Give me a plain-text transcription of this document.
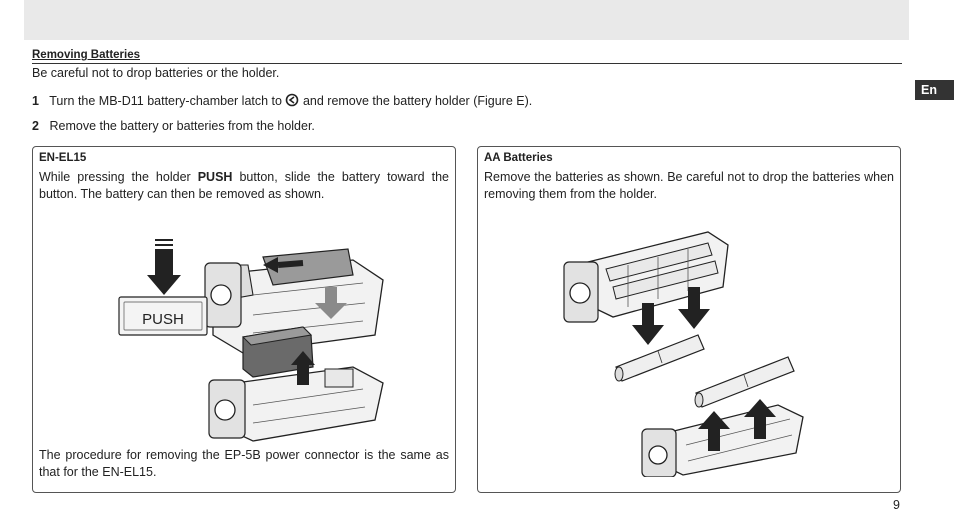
Removing Batteries
Be careful not to drop batteries or the holder.
1 Turn the MB-D11 battery-chamber latch to and remove the battery holder (Figure E).
2 Remove the battery or batteries from the holder.
En
EN-EL15
While pressing the holder PUSH button, slide the battery toward the button. The battery can then be removed as shown.
PUSH
The procedure for removing the EP-5B power connector is the same as that for the EN-EL15.
AA Batteries
Remove the batteries as shown. Be careful not to drop the batteries when removing them from the holder.
9
